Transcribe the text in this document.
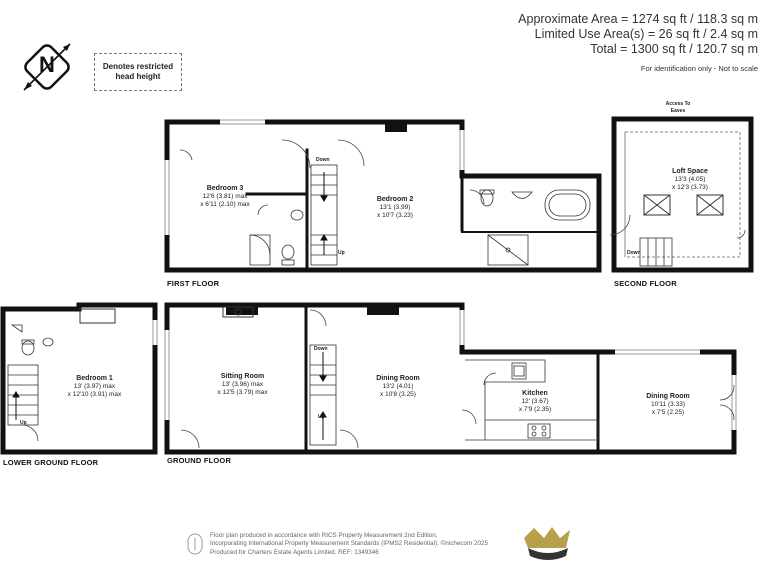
Approximate Area = 1274 sq ft / 118.3 sq m
Limited Use Area(s) = 26 sq ft / 2.4 sq m
Total = 1300 sq ft / 120.7 sq m
For identification only - Not to scale
N	Denotes restricted
head height
FIRST FLOOR	SECOND FLOOR
LOWER GROUND FLOOR	GROUND FLOOR
Bedroom 3
12'6 (3.81) max
x 6'11 (2.10) max
Bedroom 2
13'1 (3.99)
x 10'7 (3.23)
Loft Space
13'3 (4.05)
x 12'3 (3.73)
Bedroom 1
13' (3.97) max
x 12'10 (3.91) max
Sitting Room
13' (3.96) max
x 12'5 (3.79) max
Dining Room
13'2 (4.01)
x 10'8 (3.25)	Kitchen
12' (3.67)
x 7'9 (2.35)
Dining Room
10'11 (3.33)
x 7'5 (2.25)
Down
Up	Down
Up
Down
Up
Access To
Eaves
Floor plan produced in accordance with RICS Property Measurement 2nd Edition,
Incorporating International Property Measurement Standards (IPMS2 Residential). ©nichecom 2025
Produced for Charters Estate Agents Limited. REF: 1349346
